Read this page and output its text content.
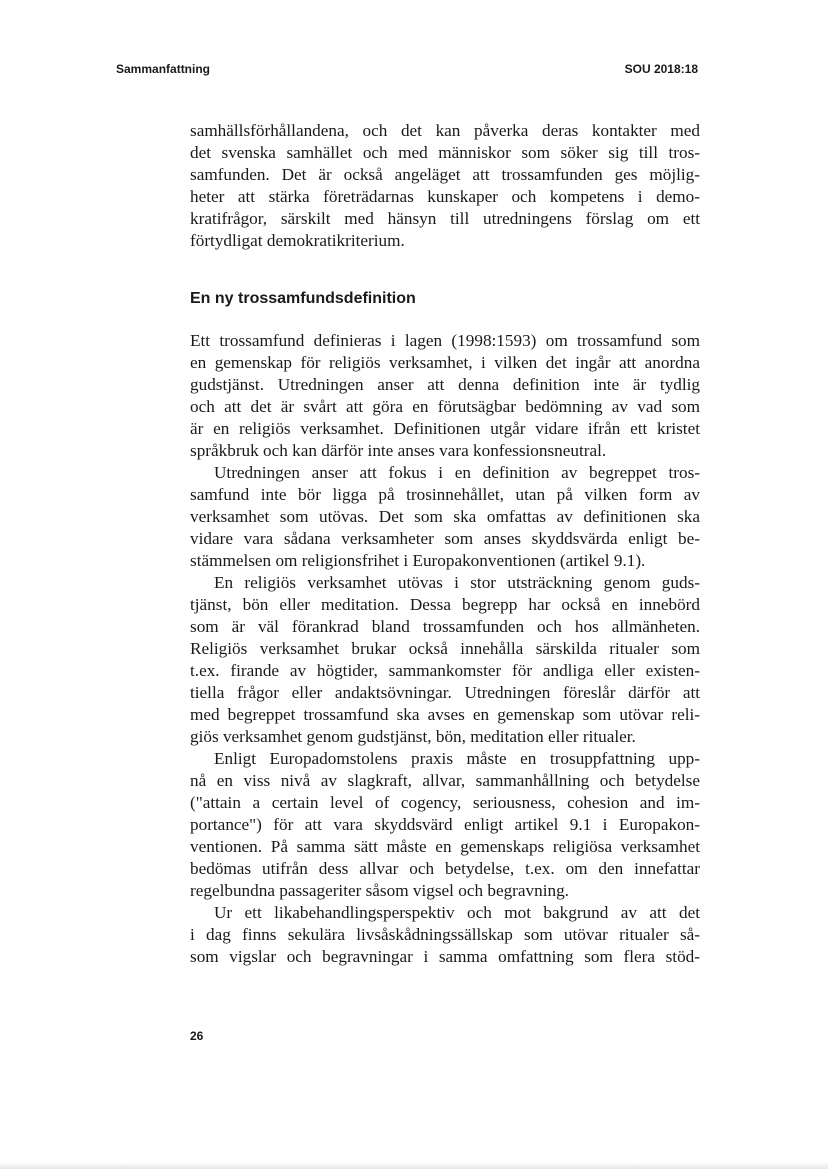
Sammanfattning	SOU 2018:18
samhällsförhållandena, och det kan påverka deras kontakter med
det svenska samhället och med människor som söker sig till tros-
samfunden. Det är också angeläget att trossamfunden ges möjlig-
heter att stärka företrädarnas kunskaper och kompetens i demo-
kratifrågor, särskilt med hänsyn till utredningens förslag om ett
förtydligat demokratikriterium.
En ny trossamfundsdefinition
Ett trossamfund definieras i lagen (1998:1593) om trossamfund som
en gemenskap för religiös verksamhet, i vilken det ingår att anordna
gudstjänst. Utredningen anser att denna definition inte är tydlig
och att det är svårt att göra en förutsägbar bedömning av vad som
är en religiös verksamhet. Definitionen utgår vidare ifrån ett kristet
språkbruk och kan därför inte anses vara konfessionsneutral.
Utredningen anser att fokus i en definition av begreppet tros-
samfund inte bör ligga på trosinnehållet, utan på vilken form av
verksamhet som utövas. Det som ska omfattas av definitionen ska
vidare vara sådana verksamheter som anses skyddsvärda enligt be-
stämmelsen om religionsfrihet i Europakonventionen (artikel 9.1).
En religiös verksamhet utövas i stor utsträckning genom guds-
tjänst, bön eller meditation. Dessa begrepp har också en innebörd
som är väl förankrad bland trossamfunden och hos allmänheten.
Religiös verksamhet brukar också innehålla särskilda ritualer som
t.ex. firande av högtider, sammankomster för andliga eller existen-
tiella frågor eller andaktsövningar. Utredningen föreslår därför att
med begreppet trossamfund ska avses en gemenskap som utövar reli-
giös verksamhet genom gudstjänst, bön, meditation eller ritualer.
Enligt Europadomstolens praxis måste en trosuppfattning upp-
nå en viss nivå av slagkraft, allvar, sammanhållning och betydelse
("attain a certain level of cogency, seriousness, cohesion and im-
portance") för att vara skyddsvärd enligt artikel 9.1 i Europakon-
ventionen. På samma sätt måste en gemenskaps religiösa verksamhet
bedömas utifrån dess allvar och betydelse, t.ex. om den innefattar
regelbundna passageriter såsom vigsel och begravning.
Ur ett likabehandlingsperspektiv och mot bakgrund av att det
i dag finns sekulära livsåskådningssällskap som utövar ritualer så-
som vigslar och begravningar i samma omfattning som flera stöd-
26
